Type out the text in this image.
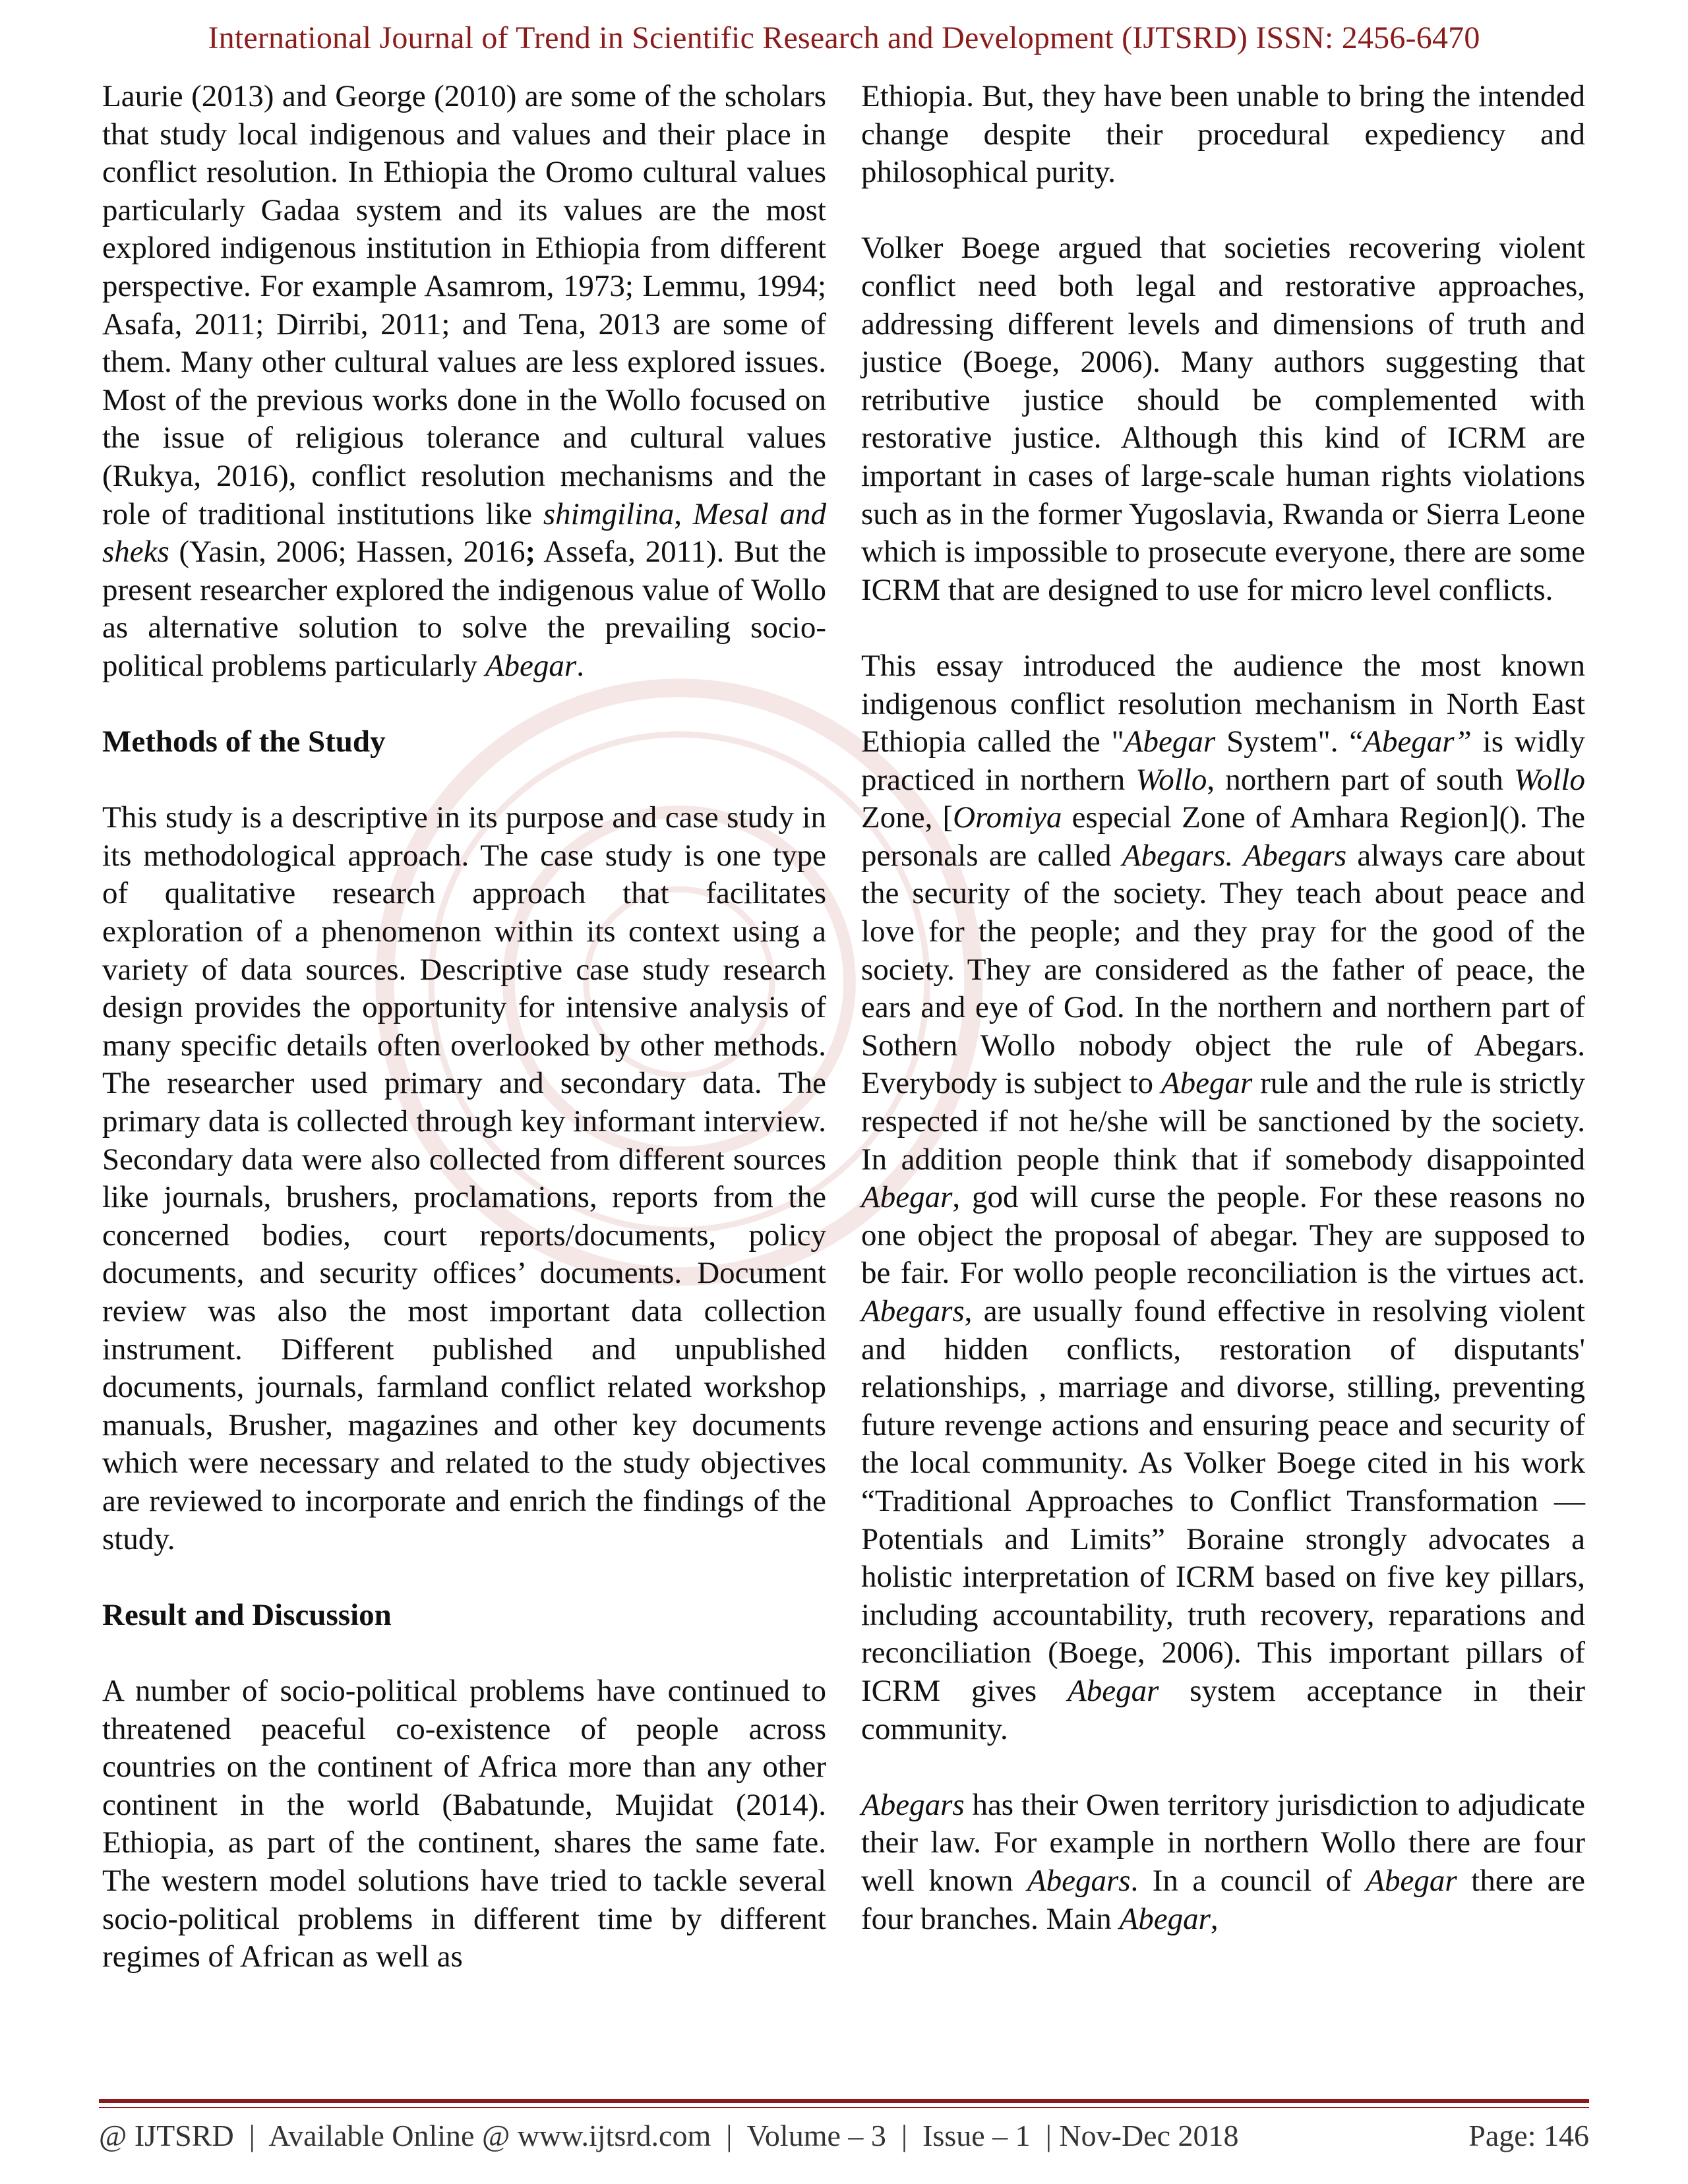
International Journal of Trend in Scientific Research and Development (IJTSRD) ISSN: 2456-6470

Laurie (2013) and George (2010) are some of the scholars that study local indigenous and values and their place in conflict resolution. In Ethiopia the Oromo cultural values particularly Gadaa system and its values are the most explored indigenous institution in Ethiopia from different perspective. For example Asamrom, 1973; Lemmu, 1994; Asafa, 2011; Dirribi, 2011; and Tena, 2013 are some of them. Many other cultural values are less explored issues. Most of the previous works done in the Wollo focused on the issue of religious tolerance and cultural values (Rukya, 2016), conflict resolution mechanisms and the role of traditional institutions like shimgilina, Mesal and sheks (Yasin, 2006; Hassen, 2016; Assefa, 2011). But the present researcher explored the indigenous value of Wollo as alternative solution to solve the prevailing socio-political problems particularly Abegar.

Methods of the Study

This study is a descriptive in its purpose and case study in its methodological approach. The case study is one type of qualitative research approach that facilitates exploration of a phenomenon within its context using a variety of data sources. Descriptive case study research design provides the opportunity for intensive analysis of many specific details often overlooked by other methods. The researcher used primary and secondary data. The primary data is collected through key informant interview. Secondary data were also collected from different sources like journals, brushers, proclamations, reports from the concerned bodies, court reports/documents, policy documents, and security offices’ documents. Document review was also the most important data collection instrument. Different published and unpublished documents, journals, farmland conflict related workshop manuals, Brusher, magazines and other key documents which were necessary and related to the study objectives are reviewed to incorporate and enrich the findings of the study.

Result and Discussion

A number of socio-political problems have continued to threatened peaceful co-existence of people across countries on the continent of Africa more than any other continent in the world (Babatunde, Mujidat (2014). Ethiopia, as part of the continent, shares the same fate. The western model solutions have tried to tackle several socio-political problems in different time by different regimes of African as well as

Ethiopia. But, they have been unable to bring the intended change despite their procedural expediency and philosophical purity.

Volker Boege argued that societies recovering violent conflict need both legal and restorative approaches, addressing different levels and dimensions of truth and justice (Boege, 2006). Many authors suggesting that retributive justice should be complemented with restorative justice. Although this kind of ICRM are important in cases of large-scale human rights violations such as in the former Yugoslavia, Rwanda or Sierra Leone which is impossible to prosecute everyone, there are some ICRM that are designed to use for micro level conflicts.

This essay introduced the audience the most known indigenous conflict resolution mechanism in North East Ethiopia called the "Abegar System". “Abegar” is widly practiced in northern Wollo, northern part of south Wollo Zone, [Oromiya especial Zone of Amhara Region](). The personals are called Abegars. Abegars always care about the security of the society. They teach about peace and love for the people; and they pray for the good of the society. They are considered as the father of peace, the ears and eye of God. In the northern and northern part of Sothern Wollo nobody object the rule of Abegars. Everybody is subject to Abegar rule and the rule is strictly respected if not he/she will be sanctioned by the society. In addition people think that if somebody disappointed Abegar, god will curse the people. For these reasons no one object the proposal of abegar. They are supposed to be fair. For wollo people reconciliation is the virtues act. Abegars, are usually found effective in resolving violent and hidden conflicts, restoration of disputants' relationships, , marriage and divorse, stilling, preventing future revenge actions and ensuring peace and security of the local community. As Volker Boege cited in his work “Traditional Approaches to Conflict Transformation — Potentials and Limits” Boraine strongly advocates a holistic interpretation of ICRM based on five key pillars, including accountability, truth recovery, reparations and reconciliation (Boege, 2006). This important pillars of ICRM gives Abegar system acceptance in their community.

Abegars has their Owen territory jurisdiction to adjudicate their law. For example in northern Wollo there are four well known Abegars. In a council of Abegar there are four branches. Main Abegar,

@ IJTSRD | Available Online @ www.ijtsrd.com | Volume – 3 | Issue – 1 | Nov-Dec 2018	Page: 146
